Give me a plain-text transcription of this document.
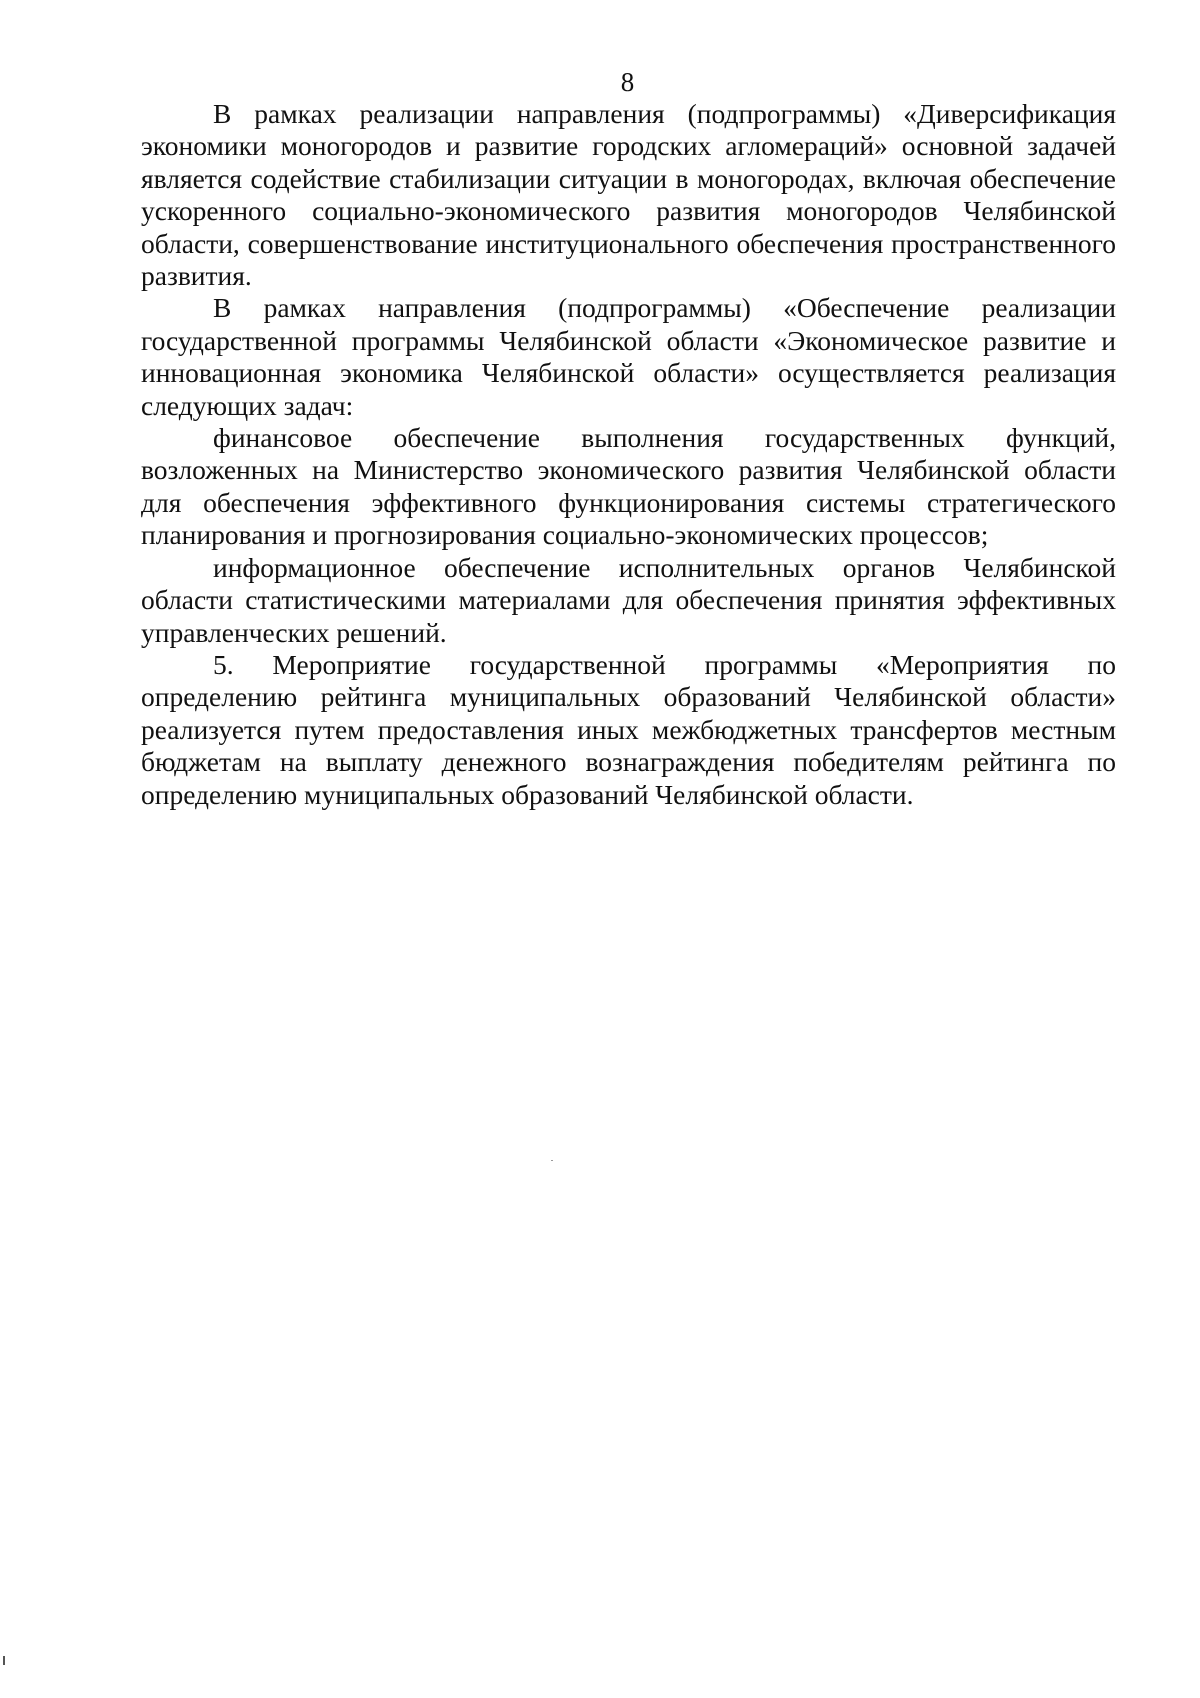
8

В рамках реализации направления (подпрограммы) «Диверсификация экономики моногородов и развитие городских агломераций» основной задачей является содействие стабилизации ситуации в моногородах, включая обеспечение ускоренного социально-экономического развития моногородов Челябинской области, совершенствование институционального обеспечения пространственного развития.

В рамках направления (подпрограммы) «Обеспечение реализации государственной программы Челябинской области «Экономическое развитие и инновационная экономика Челябинской области» осуществляется реализация следующих задач:

финансовое обеспечение выполнения государственных функций, возложенных на Министерство экономического развития Челябинской области для обеспечения эффективного функционирования системы стратегического планирования и прогнозирования социально-экономических процессов;

информационное обеспечение исполнительных органов Челябинской области статистическими материалами для обеспечения принятия эффективных управленческих решений.

5. Мероприятие государственной программы «Мероприятия по определению рейтинга муниципальных образований Челябинской области» реализуется путем предоставления иных межбюджетных трансфертов местным бюджетам на выплату денежного вознаграждения победителям рейтинга по определению муниципальных образований Челябинской области.
